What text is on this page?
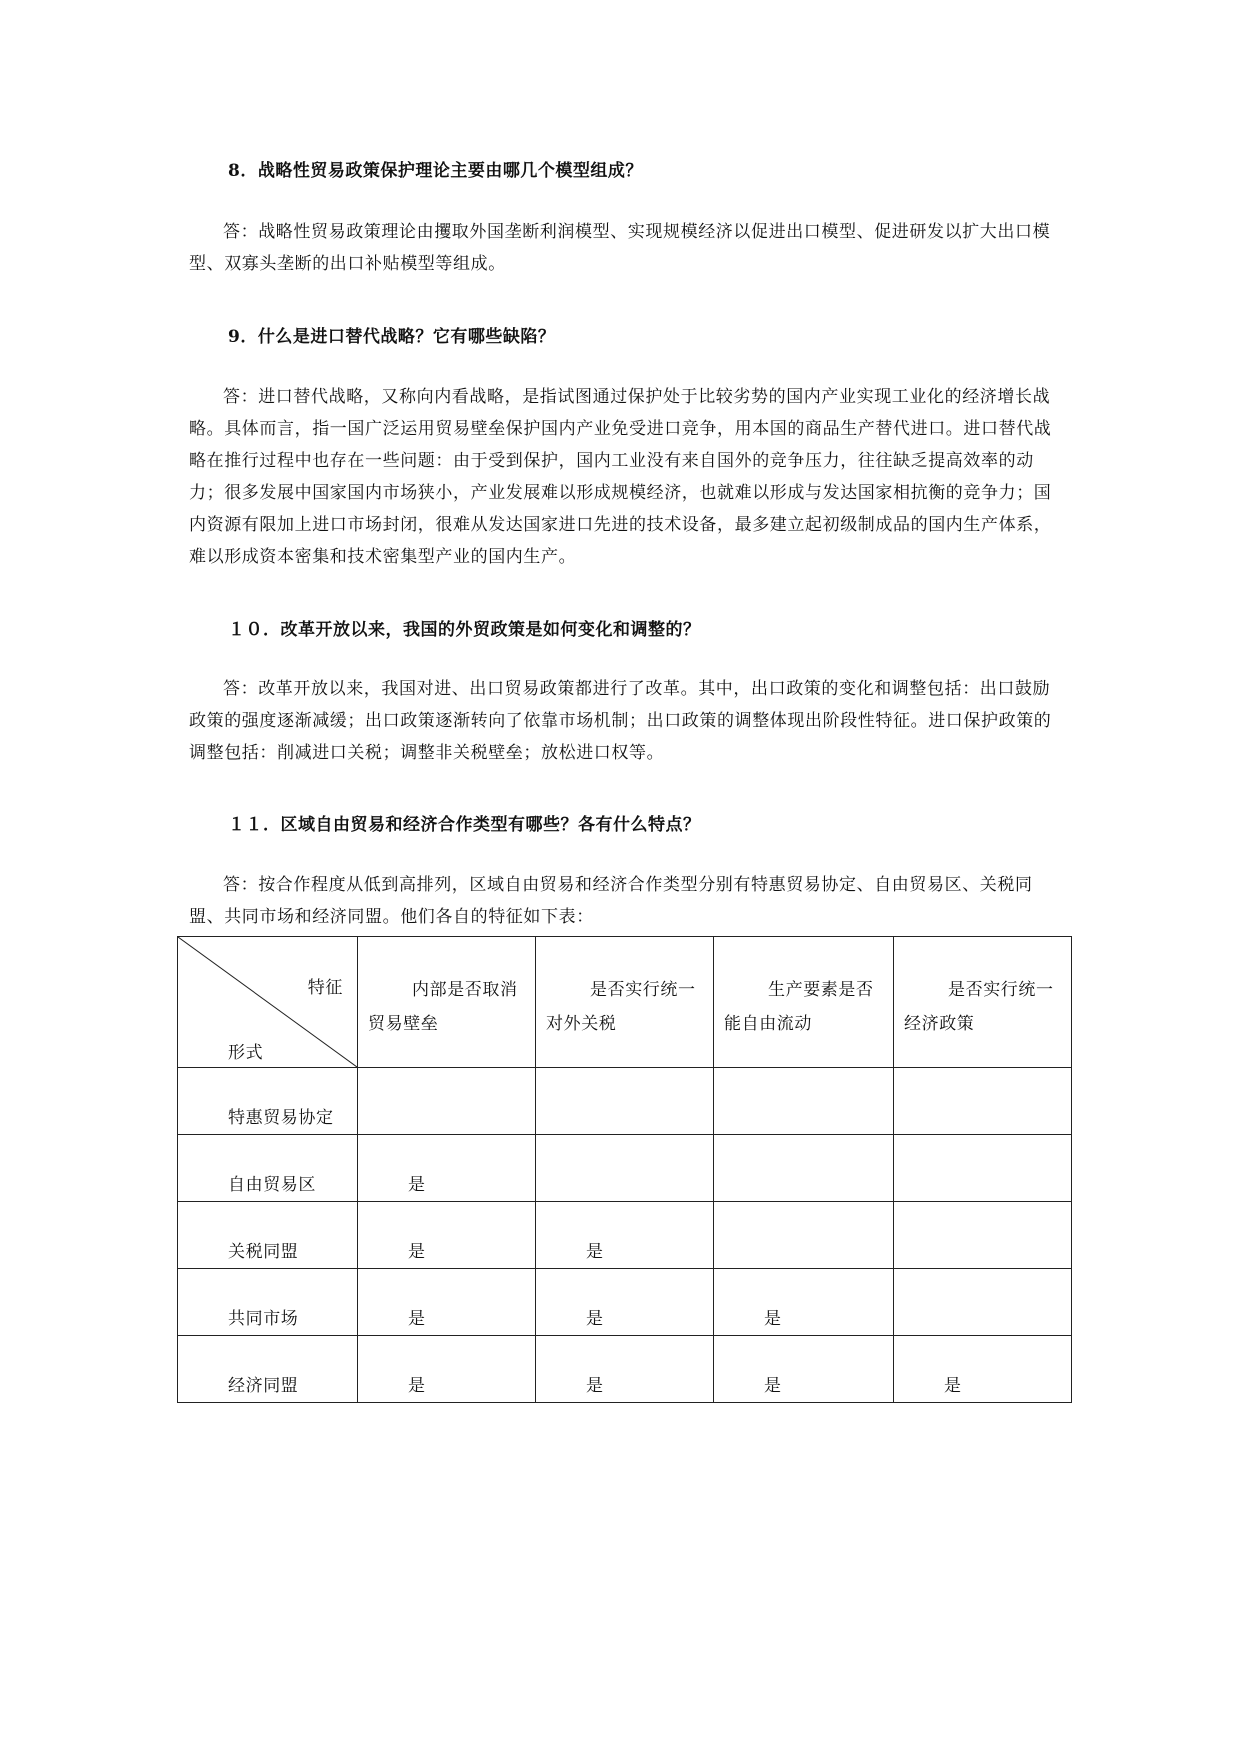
8．战略性贸易政策保护理论主要由哪几个模型组成？

答：战略性贸易政策理论由攫取外国垄断利润模型、实现规模经济以促进出口模型、促进研发以扩大出口模型、双寡头垄断的出口补贴模型等组成。

9．什么是进口替代战略？它有哪些缺陷？

答：进口替代战略，又称向内看战略，是指试图通过保护处于比较劣势的国内产业实现工业化的经济增长战略。具体而言，指一国广泛运用贸易壁垒保护国内产业免受进口竞争，用本国的商品生产替代进口。进口替代战略在推行过程中也存在一些问题：由于受到保护，国内工业没有来自国外的竞争压力，往往缺乏提高效率的动力；很多发展中国家国内市场狭小，产业发展难以形成规模经济，也就难以形成与发达国家相抗衡的竞争力；国内资源有限加上进口市场封闭，很难从发达国家进口先进的技术设备，最多建立起初级制成品的国内生产体系，难以形成资本密集和技术密集型产业的国内生产。

１０．改革开放以来，我国的外贸政策是如何变化和调整的？

答：改革开放以来，我国对进、出口贸易政策都进行了改革。其中，出口政策的变化和调整包括：出口鼓励政策的强度逐渐减缓；出口政策逐渐转向了依靠市场机制；出口政策的调整体现出阶段性特征。进口保护政策的调整包括：削减进口关税；调整非关税壁垒；放松进口权等。

１１．区域自由贸易和经济合作类型有哪些？各有什么特点？

答：按合作程度从低到高排列，区域自由贸易和经济合作类型分别有特惠贸易协定、自由贸易区、关税同盟、共同市场和经济同盟。他们各自的特征如下表：

特征
形式	内部是否取消贸易壁垒	是否实行统一对外关税	生产要素是否能自由流动	是否实行统一经济政策

特惠贸易协定				

自由贸易区	是			

关税同盟	是	是		

共同市场	是	是	是	

经济同盟	是	是	是	是
